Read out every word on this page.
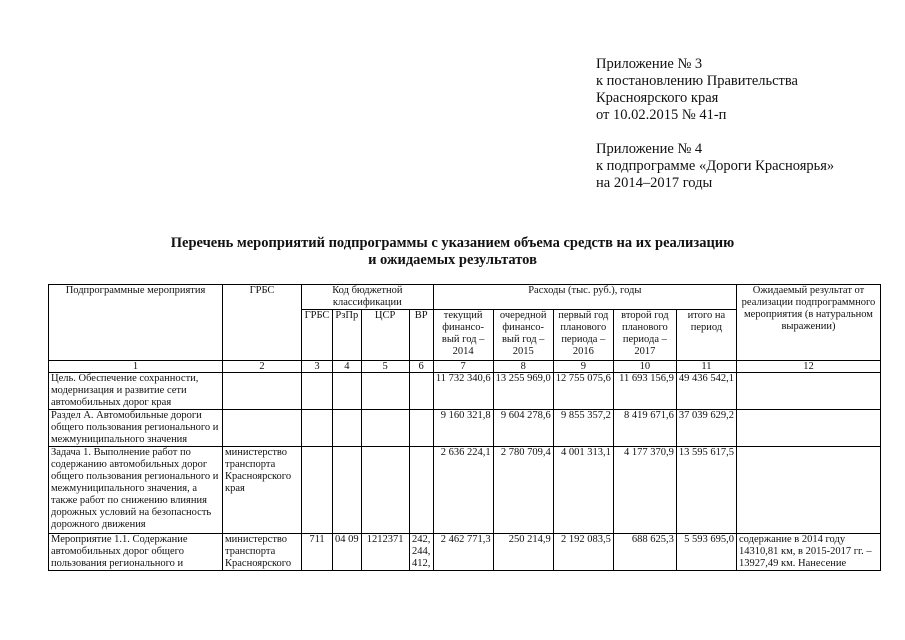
Приложение № 3
к постановлению Правительства
Красноярского края
от 10.02.2015 № 41-п
Приложение № 4
к подпрограмме «Дороги Красноярья»
на 2014–2017 годы
Перечень мероприятий подпрограммы с указанием объема средств на их реализацию
и ожидаемых результатов
Подпрограммные мероприятия	ГРБС	Код бюджетной классификации				Расходы (тыс. руб.), годы					Ожидаемый результат от реализации подпрограммного мероприятия (в натуральном выражении)
		ГРБС	РзПр	ЦСР	ВР	текущий финансо-вый год – 2014	очередной финансо-вый год – 2015	первый год планового периода – 2016	второй год планового периода – 2017	итого на период	
1	2	3	4	5	6	7	8	9	10	11	12
Цель. Обеспечение сохранности, модернизация и развитие сети автомобильных дорог края						11 732 340,6	13 255 969,0	12 755 075,6	11 693 156,9	49 436 542,1	
Раздел А. Автомобильные дороги общего пользования регионального и межмуниципального значения						9 160 321,8	9 604 278,6	9 855 357,2	8 419 671,6	37 039 629,2	
Задача 1. Выполнение работ по содержанию автомобильных дорог общего пользования регионального и межмуниципального значения, а также работ по снижению влияния дорожных условий на безопасность дорожного движения	министерство транспорта Красноярского края					2 636 224,1	2 780 709,4	4 001 313,1	4 177 370,9	13 595 617,5	
Мероприятие 1.1. Содержание автомобильных дорог общего пользования регионального и	министерство транспорта Красноярского	711	04 09	1212371	242, 244, 412,	2 462 771,3	250 214,9	2 192 083,5	688 625,3	5 593 695,0	содержание в 2014 году 14310,81 км, в 2015-2017 гг. – 13927,49 км. Нанесение
